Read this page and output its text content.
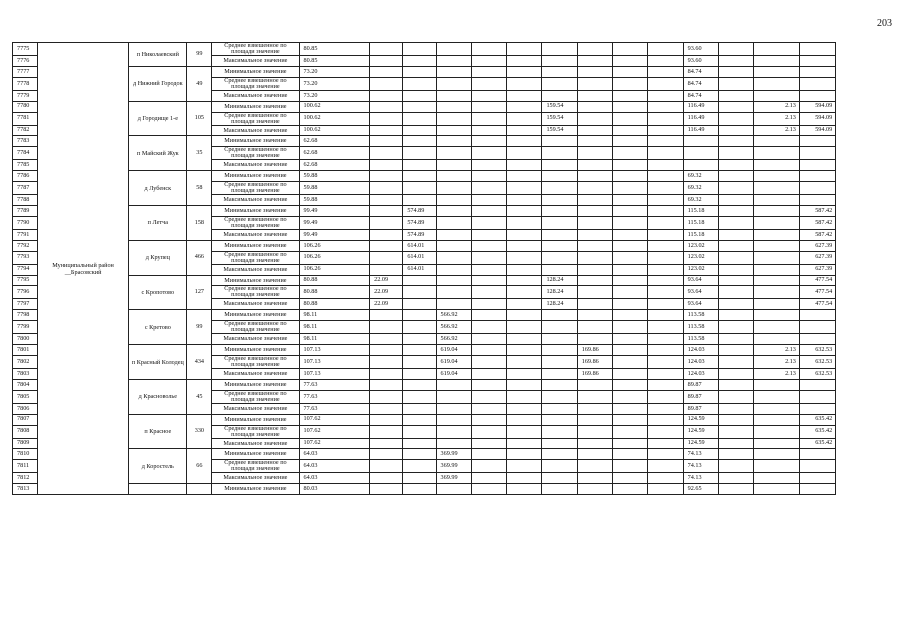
203
7775	Муниципальный район __Брасовский	п Николаевский	99	Среднее взвешенное по площади значение	80.85										93.60			
7776				Максимальное значение	80.85										93.60			
7777		д Нижний Городок	49	Минимальное значение	73.20										84.74			
7778				Среднее взвешенное по площади значение	73.20										84.74			
7779				Максимальное значение	73.20										84.74			
7780		д Городище 1-е	105	Минимальное значение	100.62						159.54				116.49		2.13	594.09
7781				Среднее взвешенное по площади значение	100.62						159.54				116.49		2.13	594.09
7782				Максимальное значение	100.62						159.54				116.49		2.13	594.09
7783		п Майский Жук	35	Минимальное значение	62.68													
7784				Среднее взвешенное по площади значение	62.68													
7785				Максимальное значение	62.68													
7786		д Лубенск	58	Минимальное значение	59.88										69.32			
7787				Среднее взвешенное по площади значение	59.88										69.32			
7788				Максимальное значение	59.88										69.32			
7789		п Летча	158	Минимальное значение	99.49		574.89								115.18			587.42
7790				Среднее взвешенное по площади значение	99.49		574.89								115.18			587.42
7791				Максимальное значение	99.49		574.89								115.18			587.42
7792		д Крупец	466	Минимальное значение	106.26		614.01								123.02			627.39
7793				Среднее взвешенное по площади значение	106.26		614.01								123.02			627.39
7794				Максимальное значение	106.26		614.01								123.02			627.39
7795		с Кропотово	127	Минимальное значение	80.88	22.09					128.24				93.64			477.54
7796				Среднее взвешенное по площади значение	80.88	22.09					128.24				93.64			477.54
7797				Максимальное значение	80.88	22.09					128.24				93.64			477.54
7798		с Кретово	99	Минимальное значение	98.11			566.92							113.58			
7799				Среднее взвешенное по площади значение	98.11			566.92							113.58			
7800				Максимальное значение	98.11			566.92							113.58			
7801		п Красный Колодец	434	Минимальное значение	107.13			619.04				169.86			124.03		2.13	632.53
7802				Среднее взвешенное по площади значение	107.13			619.04				169.86			124.03		2.13	632.53
7803				Максимальное значение	107.13			619.04				169.86			124.03		2.13	632.53
7804		д Красноволье	45	Минимальное значение	77.63										89.87			
7805				Среднее взвешенное по площади значение	77.63										89.87			
7806				Максимальное значение	77.63										89.87			
7807		п Красное	330	Минимальное значение	107.62										124.59			635.42
7808				Среднее взвешенное по площади значение	107.62										124.59			635.42
7809				Максимальное значение	107.62										124.59			635.42
7810		д Коростель	66	Минимальное значение	64.03			369.99							74.13			
7811				Среднее взвешенное по площади значение	64.03			369.99							74.13			
7812				Максимальное значение	64.03			369.99							74.13			
7813				Минимальное значение	80.03										92.65			
